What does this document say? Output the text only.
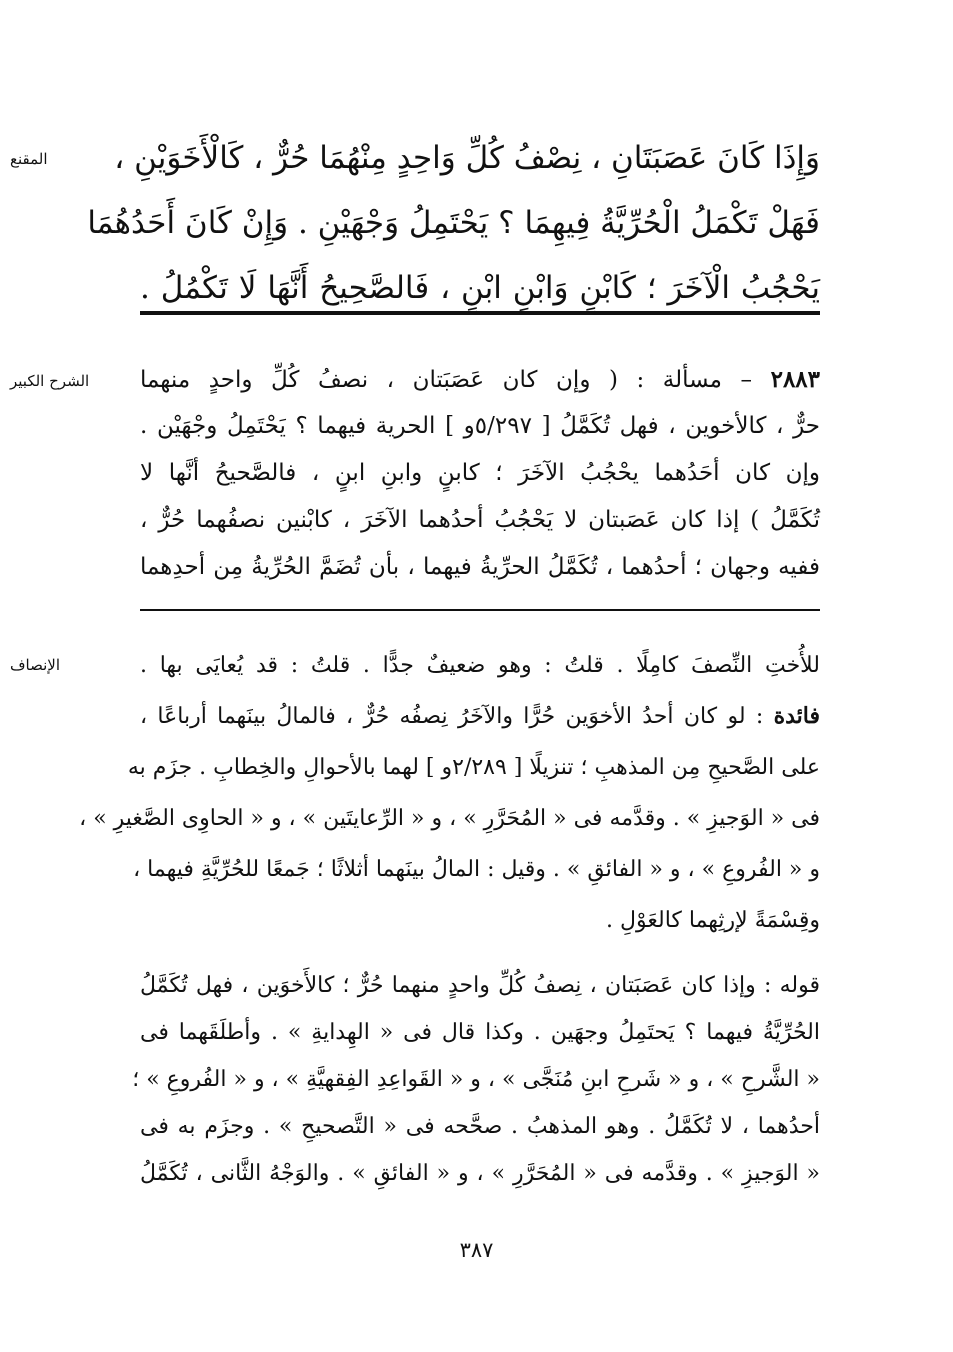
المقنع	وَإِذَا كَانَ عَصَبَتَانِ ، نِصْفُ كُلِّ وَاحِدٍ مِنْهُمَا حُرٌّ ، كَالْأَخَوَيْنِ ،
فَهَلْ تَكْمَلُ الْحُرِّيَّةُ فِيهِمَا ؟ يَحْتَمِلُ وَجْهَيْنِ . وَإِنْ كَانَ أَحَدُهُمَا
يَحْجُبُ الْآخَرَ ؛ كَابْنٍ وَابْنِ ابْنٍ ، فَالصَّحِيحُ أَنَّهَا لَا تَكْمُلُ .
الشرح الكبير	٢٨٨٣ – مسألة : ( وإن كان عَصَبَتان ، نصفُ كُلِّ واحدٍ منهما
حرٌّ ، كالأخوين ، فهل تُكَمَّلُ [ ٥/٢٩٧و ] الحرية فيهما ؟ يَحْتَمِلُ وجْهَيْن .
وإن كان أحَدُهما يحْجُبُ الآخَرَ ؛ كابنٍ وابنِ ابنٍ ، فالصَّحيحُ أنَّها لا
تُكَمَّلُ ) إذا كان عَصَبتان لا يَحْجُبُ أحدُهما الآخَرَ ، كابْنين نصفُهما حُرٌّ ،
ففيه وجهان ؛ أحدُهما ، تُكَمَّلُ الحرِّيةُ فيهما ، بأن تُضَمَّ الحُرِّيةُ مِن أحدِهما
الإنصاف	للأُختِ النِّصفَ كامِلًا . قلتُ : وهو ضعيفٌ جدًّا . قلتُ : قد يُعايَى بها .
فائدة : لو كان أحدُ الأخوَين حُرًّا والآخَرُ نِصفُه حُرٌّ ، فالمالُ بينَهما أرباعًا ،
على الصَّحيحِ مِن المذهبِ ؛ تنزيلًا [ ٢/٢٨٩و ] لهما بالأحوالِ والخِطابِ . جزَم به
فى « الوَجيزِ » . وقدَّمه فى « المُحَرَّرِ » ، و « الرِّعايتَين » ، و « الحاوِى الصَّغيرِ » ،
و « الفُروعِ » ، و « الفائقِ » . وقيل : المالُ بينَهما أثلاثًا ؛ جَمعًا للحُرِّيَّةِ فيهما ،
وقِسْمَةً لإرثِهما كالعَوْلِ .
قوله : وإذا كان عَصَبَتان ، نِصفُ كُلِّ واحدٍ منهما حُرٌّ ؛ كالأَخوَين ، فهل تُكَمَّلُ
الحُرِّيَّةُ فيهما ؟ يَحتَمِلُ وجهَين . وكذا قال فى « الهِدايةِ » . وأطلَقَهما فى
« الشَّرحِ » ، و « شَرحِ ابنِ مُنَجَّى » ، و « القَواعِدِ الفِقهيَّةِ » ، و « الفُروعِ » ؛
أحدُهما ، لا تُكَمَّلُ . وهو المذهبُ . صحَّحه فى « التَّصحيحِ » . وجزَم به فى
« الوَجيزِ » . وقدَّمه فى « المُحَرَّرِ » ، و « الفائقِ » . والوَجْهُ الثَّانى ، تُكَمَّلُ
٣٨٧
